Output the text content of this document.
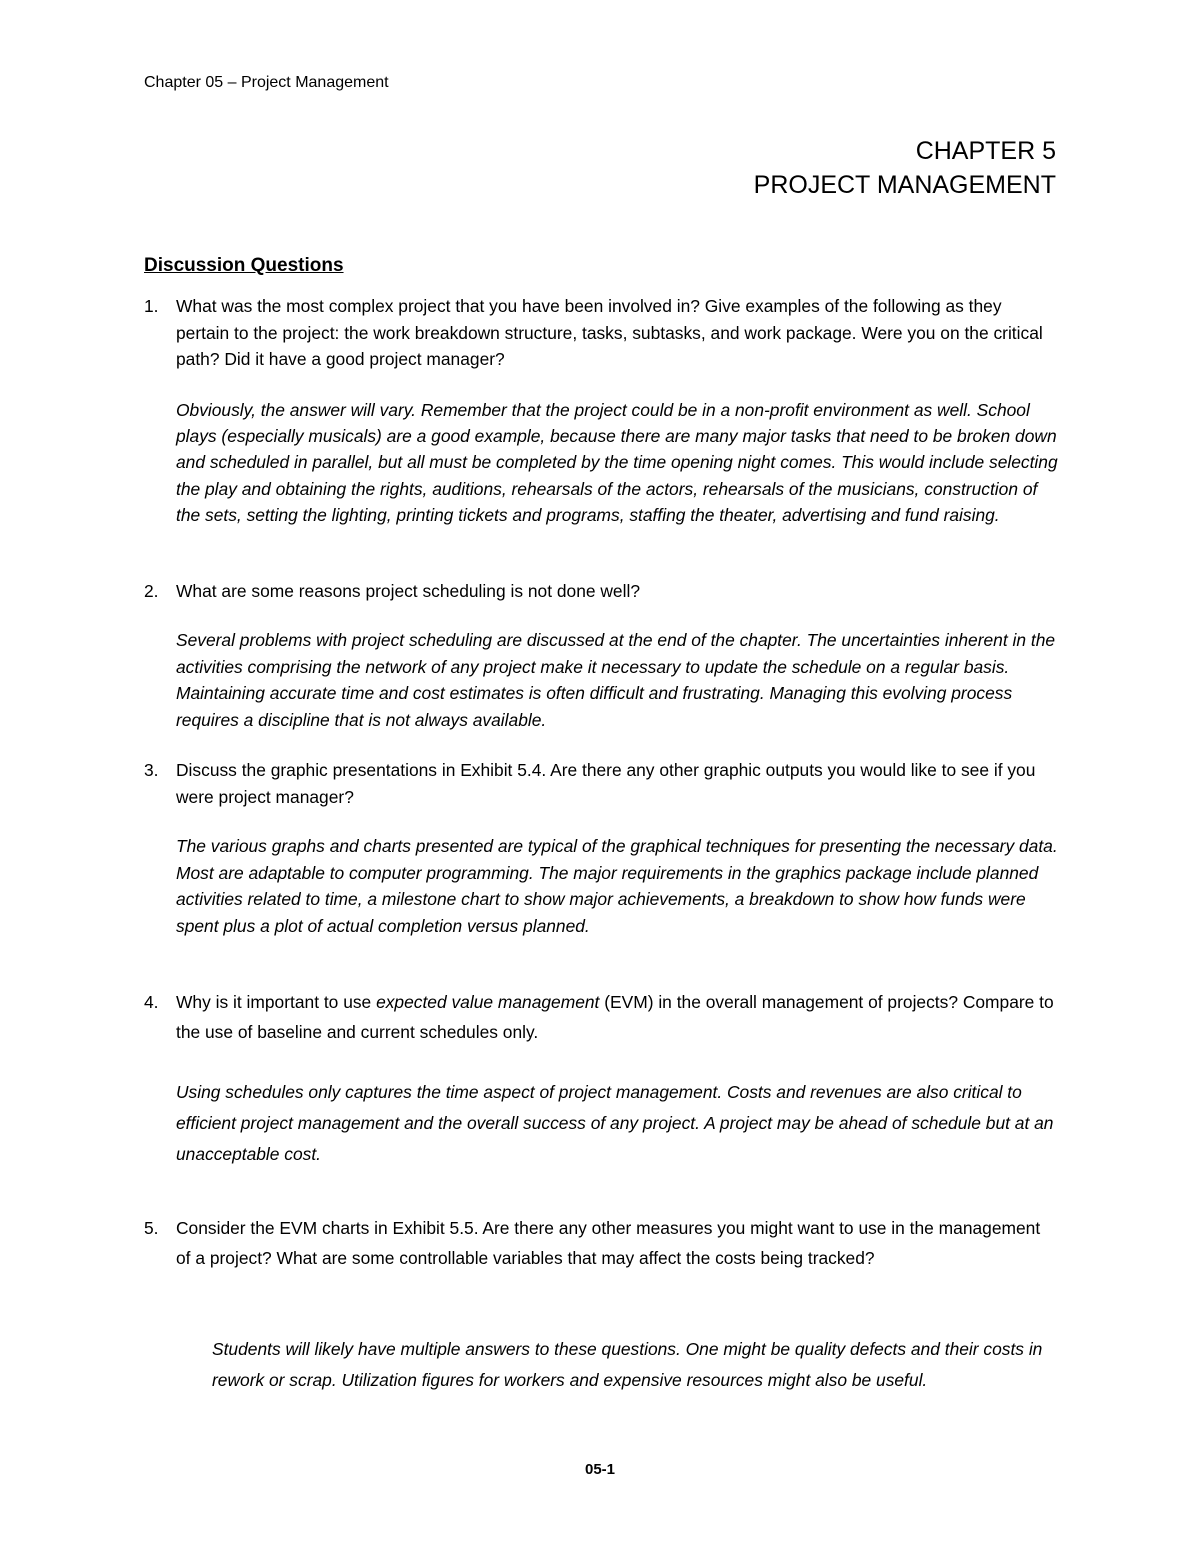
Chapter 05 – Project Management
CHAPTER 5
PROJECT MANAGEMENT
Discussion Questions
1. What was the most complex project that you have been involved in? Give examples of the following as they pertain to the project: the work breakdown structure, tasks, subtasks, and work package. Were you on the critical path? Did it have a good project manager?
Obviously, the answer will vary. Remember that the project could be in a non-profit environment as well. School plays (especially musicals) are a good example, because there are many major tasks that need to be broken down and scheduled in parallel, but all must be completed by the time opening night comes. This would include selecting the play and obtaining the rights, auditions, rehearsals of the actors, rehearsals of the musicians, construction of the sets, setting the lighting, printing tickets and programs, staffing the theater, advertising and fund raising.
2. What are some reasons project scheduling is not done well?
Several problems with project scheduling are discussed at the end of the chapter. The uncertainties inherent in the activities comprising the network of any project make it necessary to update the schedule on a regular basis. Maintaining accurate time and cost estimates is often difficult and frustrating. Managing this evolving process requires a discipline that is not always available.
3. Discuss the graphic presentations in Exhibit 5.4. Are there any other graphic outputs you would like to see if you were project manager?
The various graphs and charts presented are typical of the graphical techniques for presenting the necessary data. Most are adaptable to computer programming. The major requirements in the graphics package include planned activities related to time, a milestone chart to show major achievements, a breakdown to show how funds were spent plus a plot of actual completion versus planned.
4. Why is it important to use expected value management (EVM) in the overall management of projects? Compare to the use of baseline and current schedules only.
Using schedules only captures the time aspect of project management. Costs and revenues are also critical to efficient project management and the overall success of any project. A project may be ahead of schedule but at an unacceptable cost.
5. Consider the EVM charts in Exhibit 5.5. Are there any other measures you might want to use in the management of a project? What are some controllable variables that may affect the costs being tracked?
Students will likely have multiple answers to these questions. One might be quality defects and their costs in rework or scrap. Utilization figures for workers and expensive resources might also be useful.
05-1
